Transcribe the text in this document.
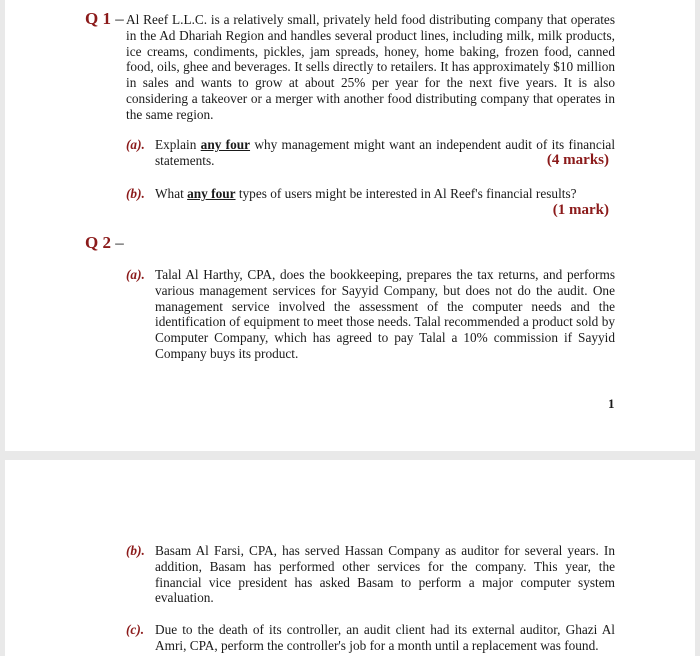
Q 1 – Al Reef L.L.C. is a relatively small, privately held food distributing company that operates in the Ad Dhariah Region and handles several product lines, including milk, milk products, ice creams, condiments, pickles, jam spreads, honey, home baking, frozen food, canned food, oils, ghee and beverages. It sells directly to retailers. It has approximately $10 million in sales and wants to grow at about 25% per year for the next five years. It is also considering a takeover or a merger with another food distributing company that operates in the same region.
(a). Explain any four why management might want an independent audit of its financial statements.	(4 marks)
(b). What any four types of users might be interested in Al Reef's financial results?
(1 mark)
Q 2 –
(a). Talal Al Harthy, CPA, does the bookkeeping, prepares the tax returns, and performs various management services for Sayyid Company, but does not do the audit. One management service involved the assessment of the computer needs and the identification of equipment to meet those needs. Talal recommended a product sold by Computer Company, which has agreed to pay Talal a 10% commission if Sayyid Company buys its product.
1
(b). Basam Al Farsi, CPA, has served Hassan Company as auditor for several years. In addition, Basam has performed other services for the company. This year, the financial vice president has asked Basam to perform a major computer system evaluation.
(c). Due to the death of its controller, an audit client had its external auditor, Ghazi Al Amri, CPA, perform the controller's job for a month until a replacement was found.
